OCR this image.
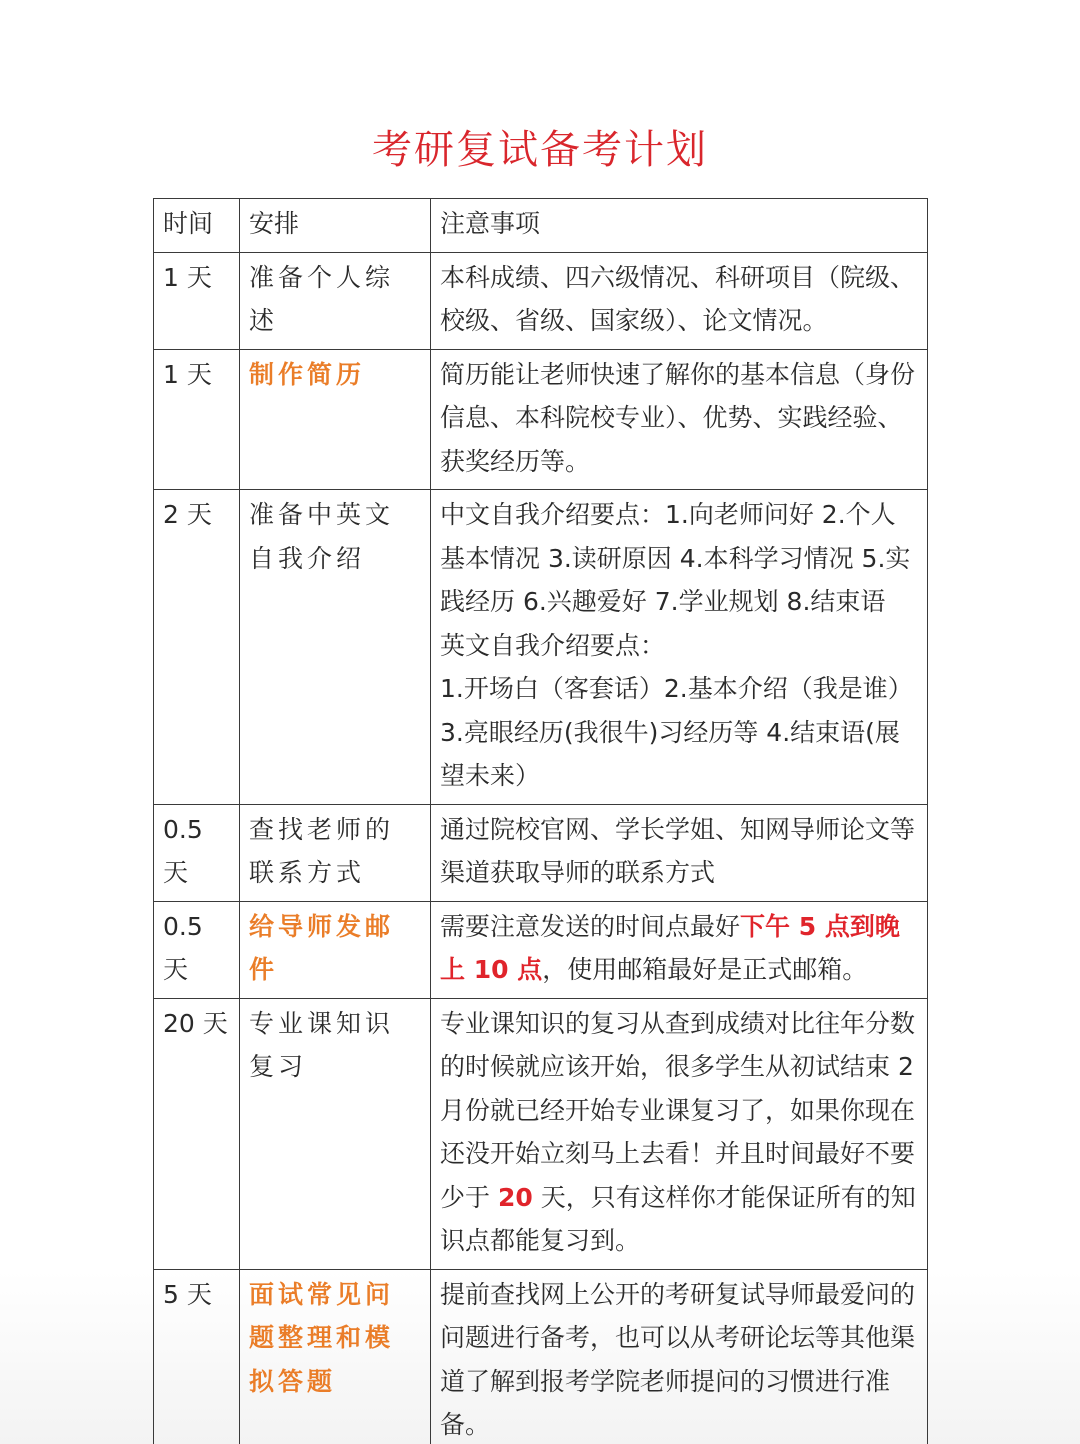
考研复试备考计划
时间	安排	注意事项
1 天	准备个人综述	本科成绩、四六级情况、科研项目（院级、校级、省级、国家级）、论文情况。
1 天	制作简历	简历能让老师快速了解你的基本信息（身份信息、本科院校专业）、优势、实践经验、获奖经历等。
2 天	准备中英文自我介绍	中文自我介绍要点：1.向老师问好 2.个人基本情况 3.读研原因 4.本科学习情况 5.实践经历 6.兴趣爱好 7.学业规划 8.结束语
英文自我介绍要点：
1.开场白（客套话）2.基本介绍（我是谁）
3.亮眼经历(我很牛)习经历等 4.结束语(展望未来）

0.5 天	查找老师的联系方式	通过院校官网、学长学姐、知网导师论文等渠道获取导师的联系方式
0.5 天	给导师发邮件	需要注意发送的时间点最好下午 5 点到晚上 10 点，使用邮箱最好是正式邮箱。
20 天	专业课知识复习	专业课知识的复习从查到成绩对比往年分数的时候就应该开始，很多学生从初试结束 2 月份就已经开始专业课复习了，如果你现在还没开始立刻马上去看！并且时间最好不要少于 20 天，只有这样你才能保证所有的知识点都能复习到。
5 天	面试常见问题整理和模拟答题	提前查找网上公开的考研复试导师最爱问的问题进行备考，也可以从考研论坛等其他渠道了解到报考学院老师提问的习惯进行准备。
